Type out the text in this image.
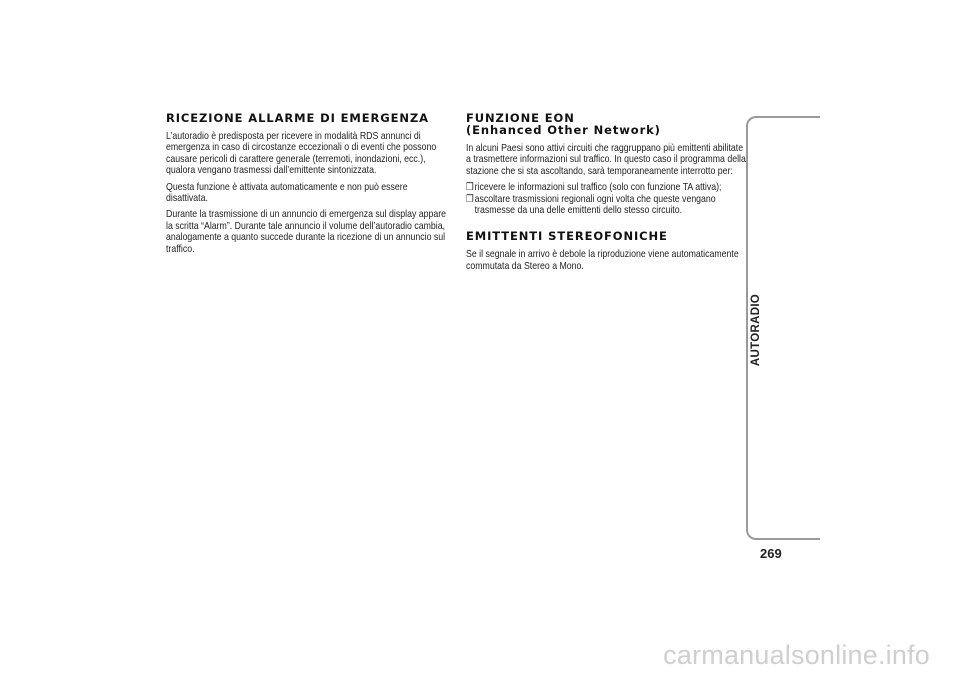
RICEZIONE ALLARME DI EMERGENZA

L’autoradio è predisposta per ricevere in modalità RDS annunci di emergenza in caso di circostanze eccezionali o di eventi che possono causare pericoli di carattere generale (terremoti, inondazioni, ecc.), qualora vengano trasmessi dall’emittente sintonizzata.

Questa funzione è attivata automaticamente e non può essere disattivata.

Durante la trasmissione di un annuncio di emergenza sul display appare la scritta “Alarm”. Durante tale annuncio il volume dell’autoradio cambia, analogamente a quanto succede durante la ricezione di un annuncio sul traffico.

FUNZIONE EON
(Enhanced Other Network)

In alcuni Paesi sono attivi circuiti che raggruppano più emittenti abilitate a trasmettere informazioni sul traffico. In questo caso il programma della stazione che si sta ascoltando, sarà temporaneamente interrotto per:

❒ ricevere le informazioni sul traffico (solo con funzione TA attiva);

❒ ascoltare trasmissioni regionali ogni volta che queste vengano trasmesse da una delle emittenti dello stesso circuito.

EMITTENTI STEREOFONICHE

Se il segnale in arrivo è debole la riproduzione viene automaticamente commutata da Stereo a Mono.

AUTORADIO
269
carmanualsonline.info
